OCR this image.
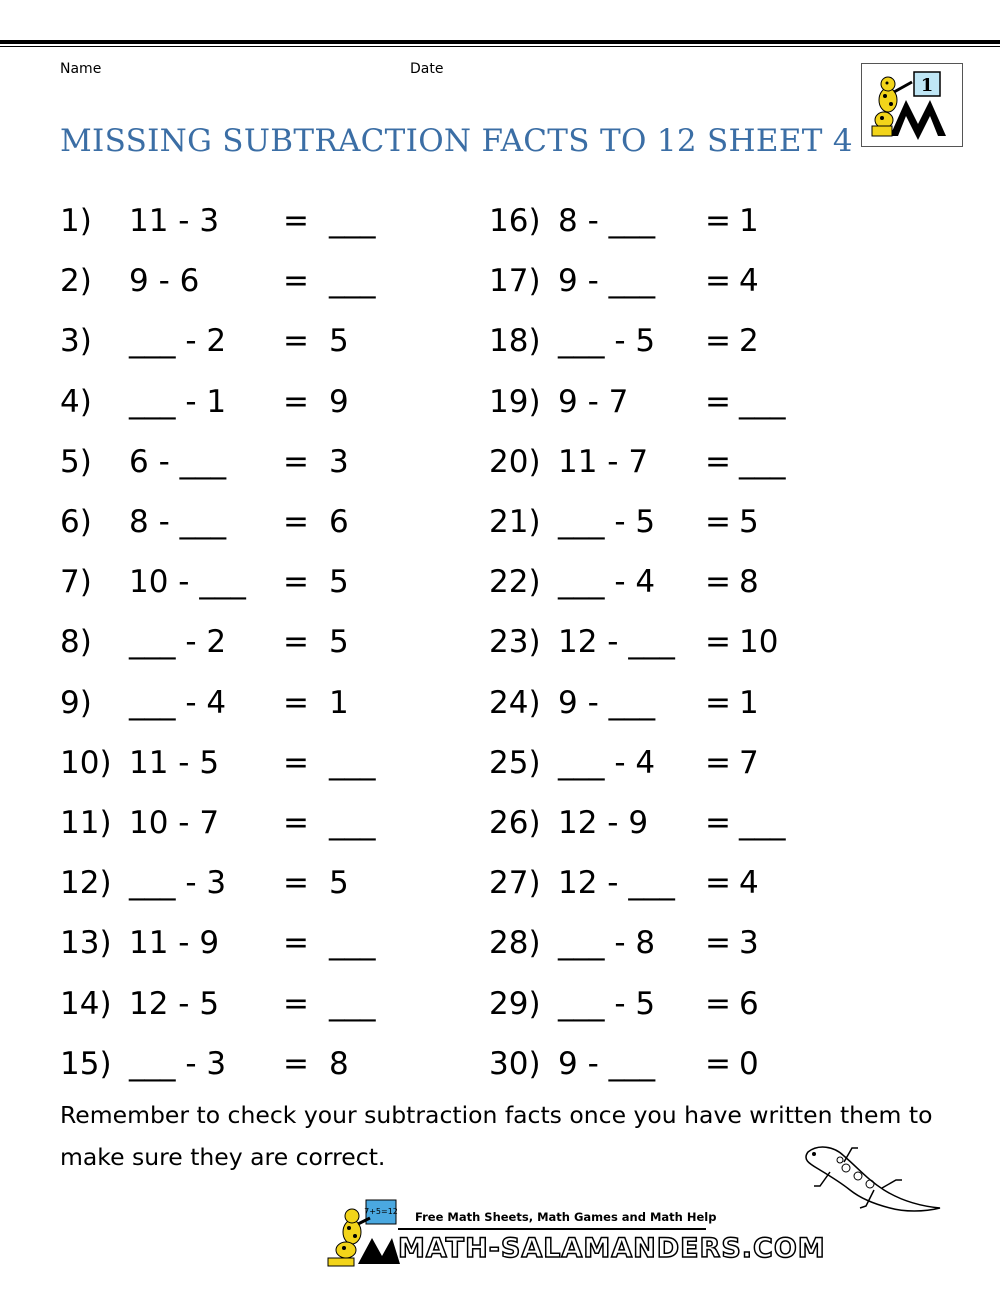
Name	Date
MISSING SUBTRACTION FACTS TO 12 SHEET 4
1
1) 11 - 3 = ___
2) 9 - 6	= ___
3) ___ - 2 = 5
4) ___ - 1 = 9
5) 6 - ___ = 3
6) 8 - ___ = 6
7) 10 - ___ = 5
8) ___ - 2 = 5
9) ___ - 4 = 1
10) 11 - 5 = ___
11) 10 - 7 = ___
12) ___ - 3 = 5
13) 11 - 9 = ___
14) 12 - 5 = ___
15) ___ - 3 = 8
16) 8 - ___ = 1
17) 9 - ___ = 4
18) ___ - 5 = 2
19) 9 - 7 = ___
20) 11 - 7 = ___
21) ___ - 5 = 5
22) ___ - 4 = 8
23) 12 - ___ = 10
24) 9 - ___ = 1
25) ___ - 4 = 7
26) 12 - 9 = ___
27) 12 - ___ = 4
28) ___ - 8 = 3
29) ___ - 5 = 6
30) 9 - ___ = 0

Remember to check your subtraction facts once you have written them to make sure they are correct.

7+5=12 Free Math Sheets, Math Games and Math Help
MATH-SALAMANDERS.COM
